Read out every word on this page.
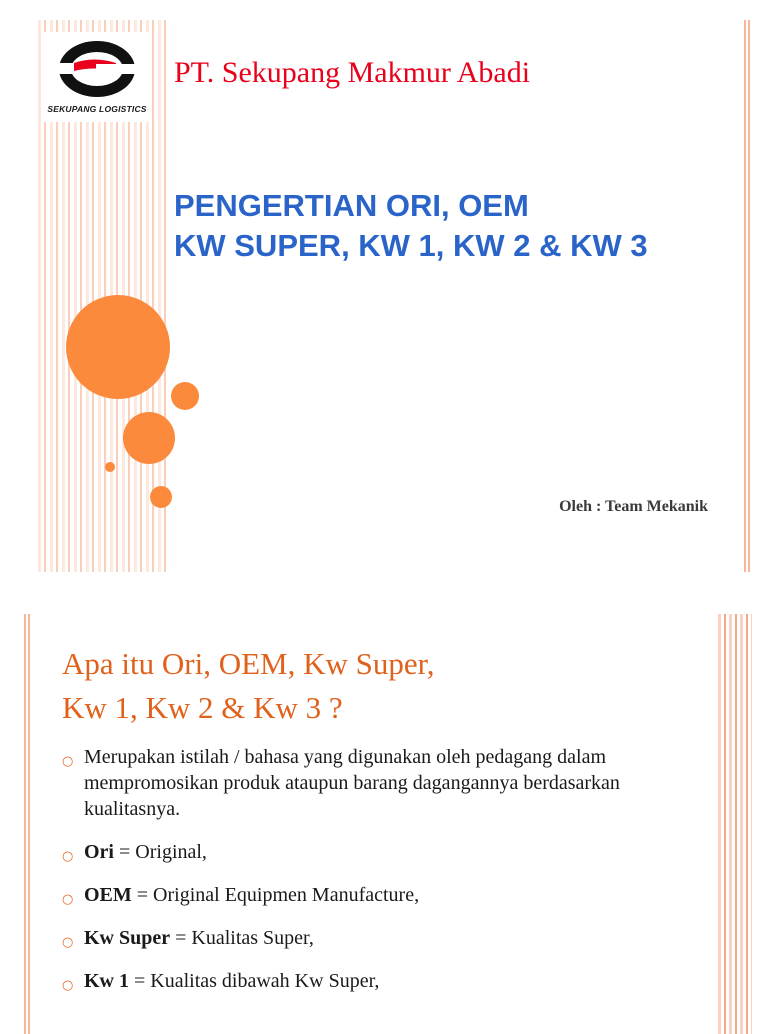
SEKUPANG LOGISTICS
PT. Sekupang Makmur Abadi
PENGERTIAN ORI, OEM
KW SUPER, KW 1, KW 2 & KW 3
Oleh : Team Mekanik
Apa itu Ori, OEM, Kw Super,
Kw 1, Kw 2 & Kw 3 ?
○ Merupakan istilah / bahasa yang digunakan oleh pedagang dalam mempromosikan produk ataupun barang dagangannya berdasarkan kualitasnya.
○ Ori = Original,
○ OEM = Original Equipmen Manufacture,
○ Kw Super = Kualitas Super,
○ Kw 1 = Kualitas dibawah Kw Super,
